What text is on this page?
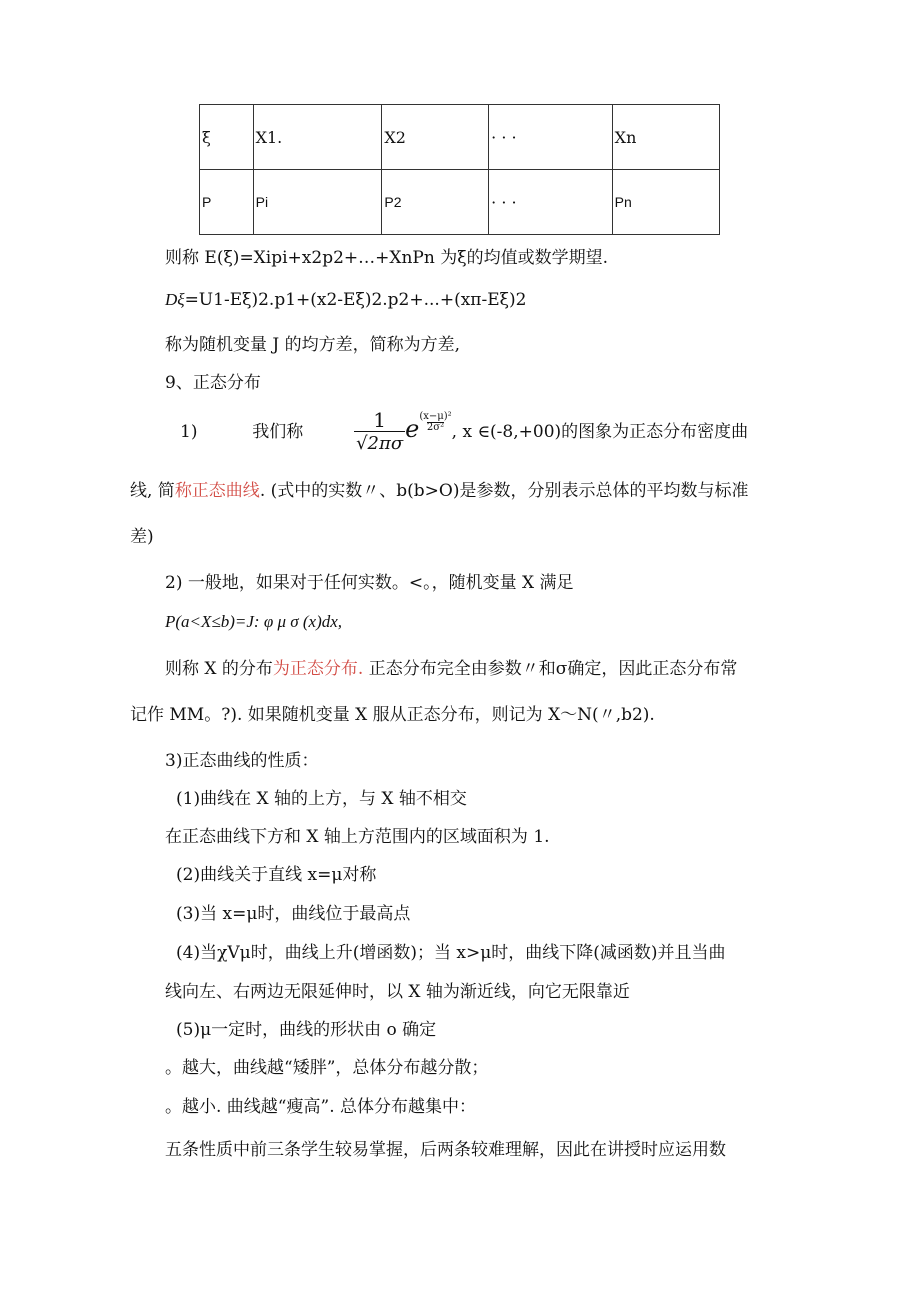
ξ	X1.	X2	· · ·	Xn
P	Pi	P2	· · ·	Pn
则称 E(ξ)=Xipi+x2p2+…+XnPn 为ξ的均值或数学期望.
Dξ=U1-Eξ)2.p1+(x2-Eξ)2.p2+...+(xπ-Eξ)2
称为随机变量 J 的均方差，简称为方差,
9、正态分布
1)	我们称	$\frac{1}{√2\pi\sigma}$ e $\frac{\text{(x−μ)²}}{\text{2σ²}}$ , x ∈(-8,+00)的图象为正态分布密度曲
线, 简称正态曲线. (式中的实数〃、b(b>O)是参数，分别表示总体的平均数与标准
差)
2) 一般地，如果对于任何实数。<。，随机变量 X 满足
P(a<X≤b)=J: φ μ σ (x)dx,
则称 X 的分布为正态分布. 正态分布完全由参数〃和σ确定，因此正态分布常
记作 MM。?). 如果随机变量 X 服从正态分布，则记为 X～N(〃,b2).
3)正态曲线的性质：
(1)曲线在 X 轴的上方，与 X 轴不相交
在正态曲线下方和 X 轴上方范围内的区域面积为 1.
(2)曲线关于直线 x=μ对称
(3)当 x=μ时，曲线位于最高点
(4)当χVμ时，曲线上升(增函数)；当 x>μ时，曲线下降(减函数)并且当曲
线向左、右两边无限延伸时，以 X 轴为渐近线，向它无限靠近
(5)μ一定时，曲线的形状由 o 确定
。越大，曲线越“矮胖”，总体分布越分散；
。越小. 曲线越“瘦高”. 总体分布越集中：
五条性质中前三条学生较易掌握，后两条较难理解，因此在讲授时应运用数
